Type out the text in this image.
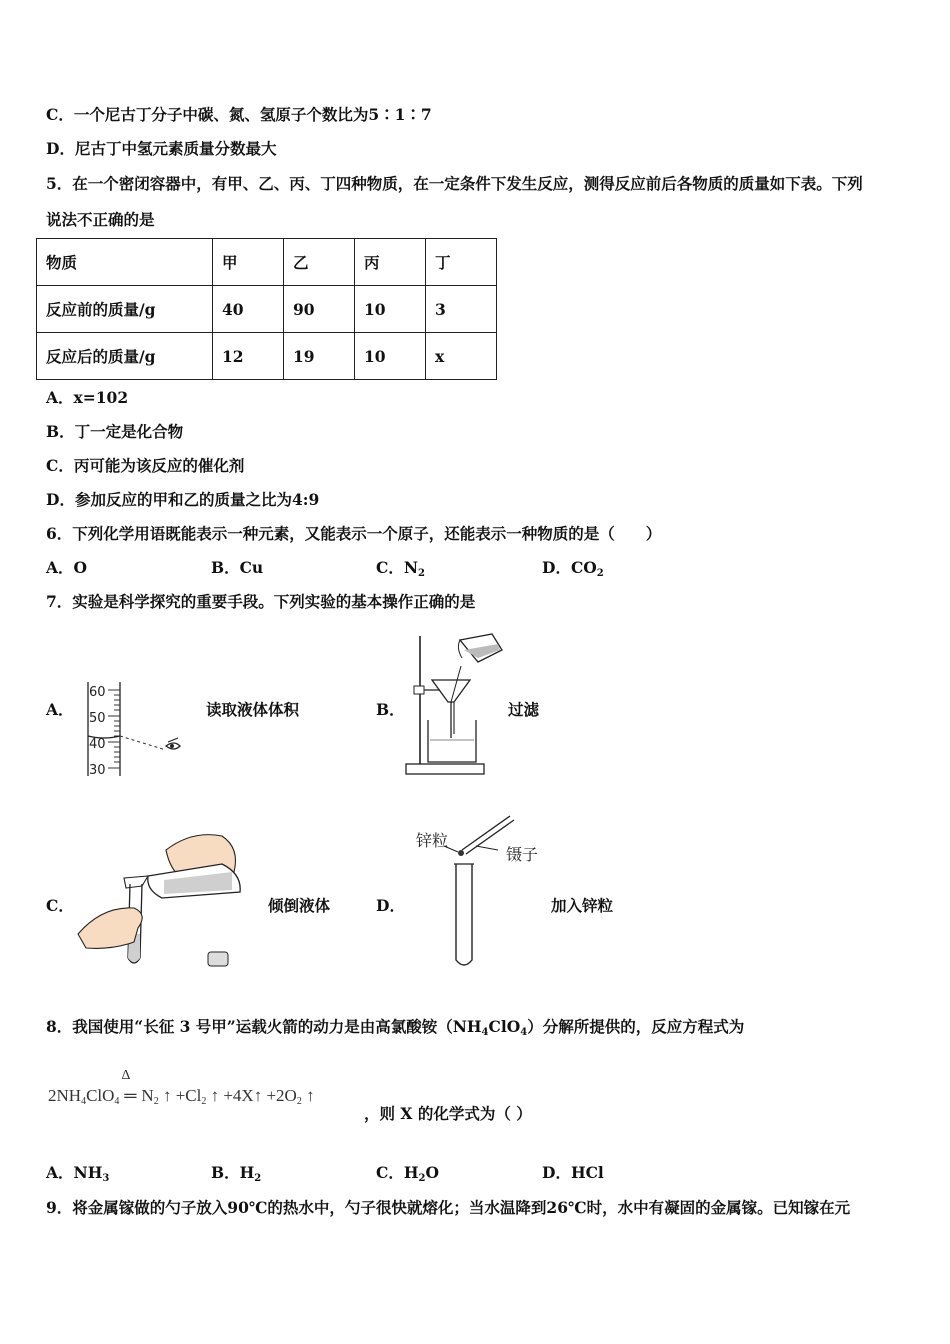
C．一个尼古丁分子中碳、氮、氢原子个数比为5∶1∶7
D．尼古丁中氢元素质量分数最大
5．在一个密闭容器中，有甲、乙、丙、丁四种物质，在一定条件下发生反应，测得反应前后各物质的质量如下表。下列
说法不正确的是
物质	甲	乙	丙	丁
反应前的质量/g	40	90	10	3
反应后的质量/g	12	19	10	x
A．x=102
B．丁一定是化合物
C．丙可能为该反应的催化剂
D．参加反应的甲和乙的质量之比为4:9
6．下列化学用语既能表示一种元素，又能表示一个原子，还能表示一种物质的是（　　）
A．O	B．Cu	C．$N_2$	D．$CO_2$
7．实验是科学探究的重要手段。下列实验的基本操作正确的是
A．
60
50
40
30
读取液体体积	B．	过滤
C．	倾倒液体	D．
锌粒
镊子
加入锌粒
8．我国使用“长征 3 号甲”运载火箭的动力是由高氯酸铵$(NH_4ClO_4)$分解所提供的，反应方程式为
$2NH_4ClO_4$
Δ
═ $N_2$ ↑ $+Cl_2$ ↑ +4X↑ $+2O_2$ ↑
，则 X 的化学式为（ ）
A．$NH_3$	B．$H_2$	C．$H_2O$	D．HCl
9．将金属镓做的勺子放入90℃的热水中，勺子很快就熔化；当水温降到26℃时，水中有凝固的金属镓。已知镓在元
